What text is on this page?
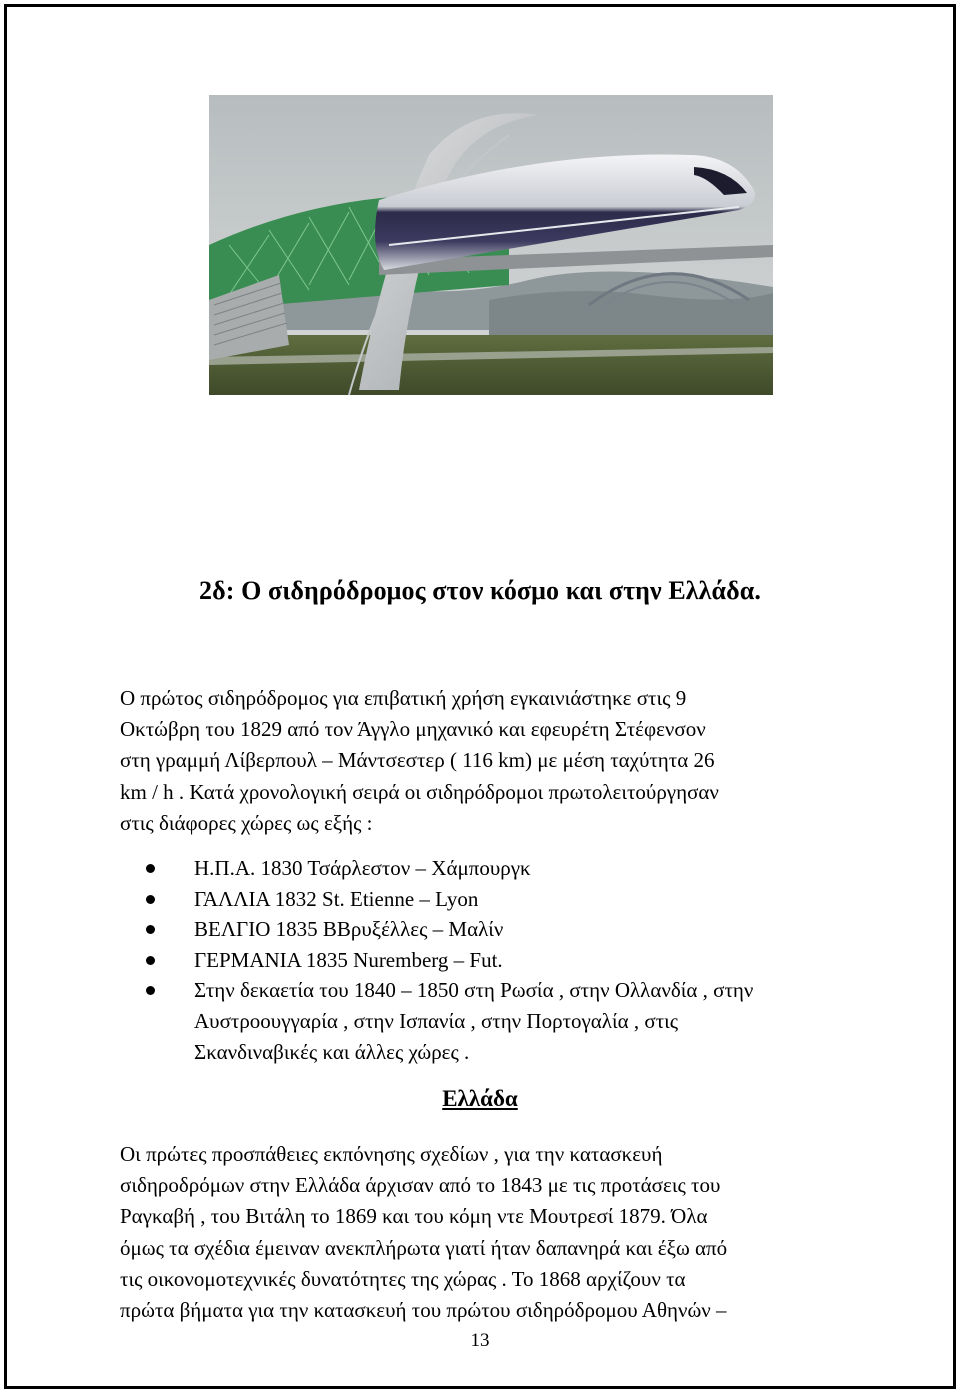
2δ: Ο σιδηρόδρομος στον κόσμο και στην Ελλάδα.
Ο πρώτος σιδηρόδρομος για επιβατική χρήση εγκαινιάστηκε στις 9
Οκτώβρη του 1829 από τον Άγγλο μηχανικό και εφευρέτη Στέφενσον
στη γραμμή Λίβερπουλ – Μάντσεστερ ( 116 km) με μέση ταχύτητα 26
km / h . Κατά χρονολογική σειρά οι σιδηρόδρομοι πρωτολειτούργησαν
στις διάφορες χώρες ως εξής :
Η.Π.Α. 1830 Τσάρλεστον – Χάμπουργκ
ΓΑΛΛΙΑ 1832 St. Etienne – Lyon
ΒΕΛΓΙΟ 1835 ΒΒρυξέλλες – Μαλίν
ΓΕΡΜΑΝΙΑ 1835 Nuremberg – Fut.
Στην δεκαετία του 1840 – 1850 στη Ρωσία , στην Ολλανδία , στην
Αυστροουγγαρία , στην Ισπανία , στην Πορτογαλία , στις
Σκανδιναβικές και άλλες χώρες .
Ελλάδα
Οι πρώτες προσπάθειες εκπόνησης σχεδίων , για την κατασκευή
σιδηροδρόμων στην Ελλάδα άρχισαν από το 1843 με τις προτάσεις του
Ραγκαβή , του Βιτάλη το 1869 και του κόμη ντε Μουτρεσί 1879. Όλα
όμως τα σχέδια έμειναν ανεκπλήρωτα γιατί ήταν δαπανηρά και έξω από
τις οικονομοτεχνικές δυνατότητες της χώρας . Το 1868 αρχίζουν τα
πρώτα βήματα για την κατασκευή του πρώτου σιδηρόδρομου Αθηνών –
13
